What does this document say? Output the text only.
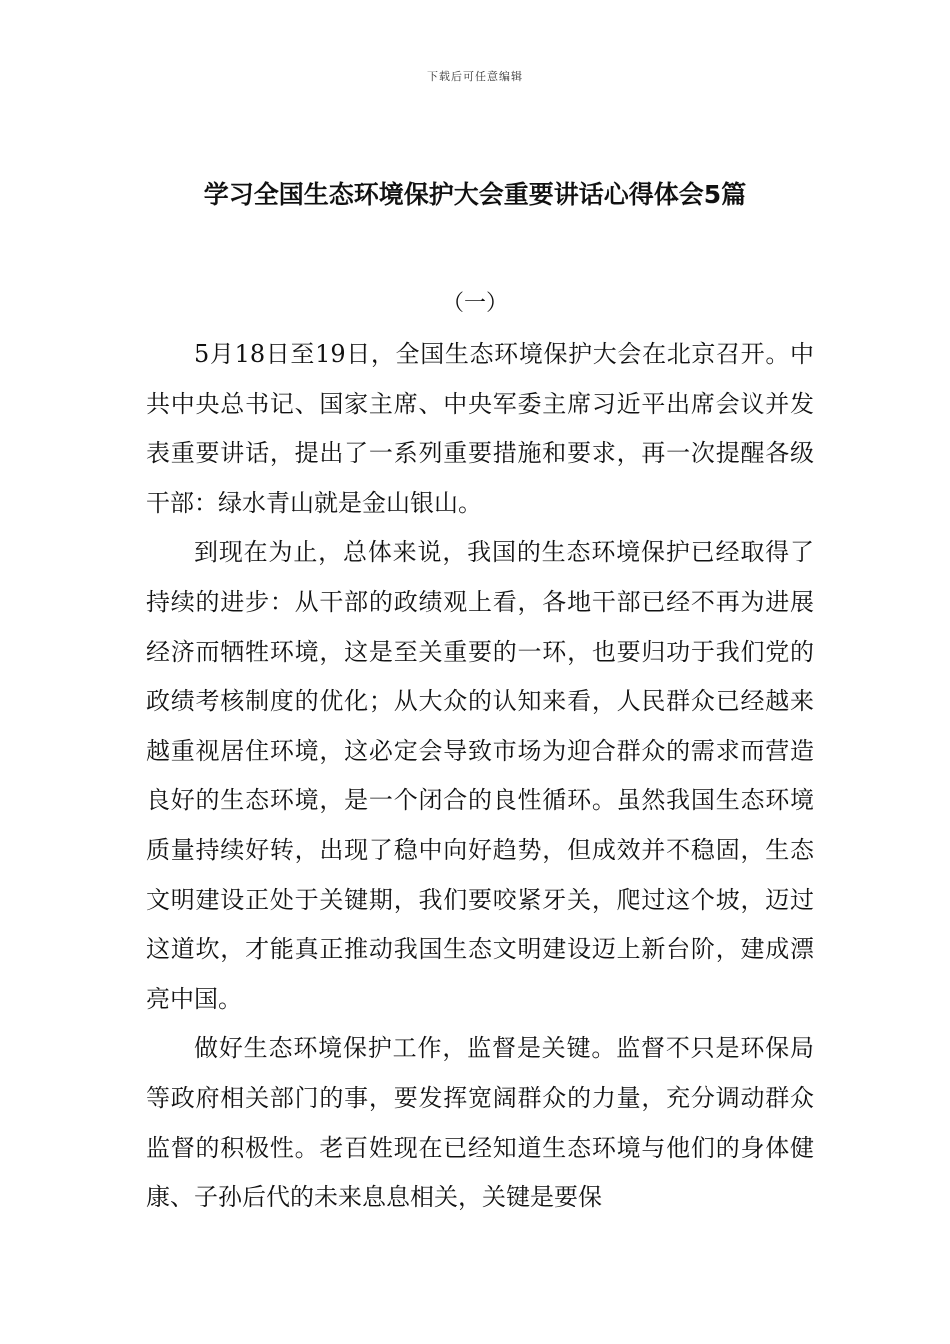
下载后可任意编辑
学习全国生态环境保护大会重要讲话心得体会5篇
（一）

5月18日至19日，全国生态环境保护大会在北京召开。中共中央总书记、国家主席、中央军委主席习近平出席会议并发表重要讲话，提出了一系列重要措施和要求，再一次提醒各级干部：绿水青山就是金山银山。

到现在为止，总体来说，我国的生态环境保护已经取得了持续的进步：从干部的政绩观上看，各地干部已经不再为进展经济而牺牲环境，这是至关重要的一环，也要归功于我们党的政绩考核制度的优化；从大众的认知来看，人民群众已经越来越重视居住环境，这必定会导致市场为迎合群众的需求而营造良好的生态环境，是一个闭合的良性循环。虽然我国生态环境质量持续好转，出现了稳中向好趋势，但成效并不稳固，生态文明建设正处于关键期，我们要咬紧牙关，爬过这个坡，迈过这道坎，才能真正推动我国生态文明建设迈上新台阶，建成漂亮中国。

做好生态环境保护工作，监督是关键。监督不只是环保局等政府相关部门的事，要发挥宽阔群众的力量，充分调动群众监督的积极性。老百姓现在已经知道生态环境与他们的身体健康、子孙后代的未来息息相关，关键是要保
